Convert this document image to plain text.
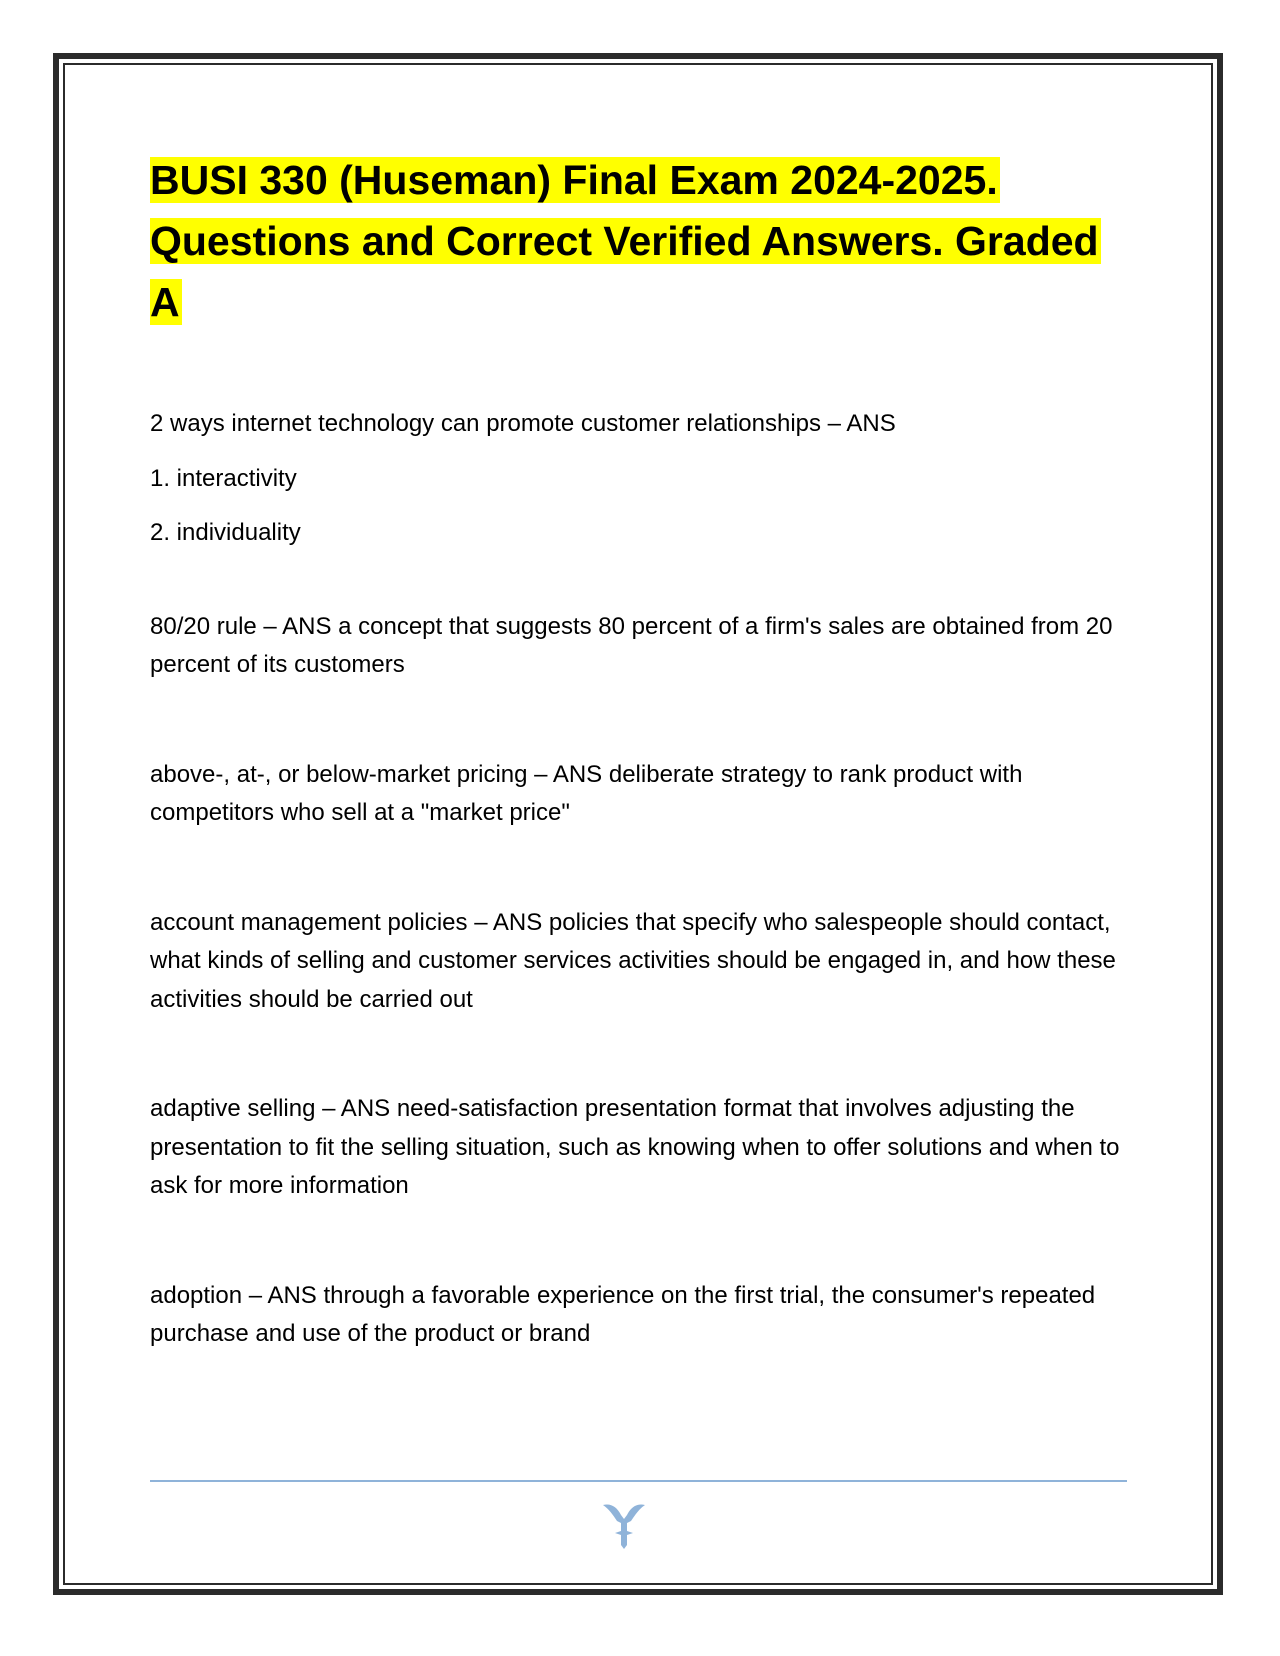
BUSI 330 (Huseman) Final Exam 2024-2025. Questions and Correct Verified Answers. Graded A

2 ways internet technology can promote customer relationships – ANS

1. interactivity

2. individuality

80/20 rule – ANS a concept that suggests 80 percent of a firm's sales are obtained from 20 percent of its customers

above-, at-, or below-market pricing – ANS deliberate strategy to rank product with competitors who sell at a "market price"

account management policies – ANS policies that specify who salespeople should contact, what kinds of selling and customer services activities should be engaged in, and how these activities should be carried out

adaptive selling – ANS need-satisfaction presentation format that involves adjusting the presentation to fit the selling situation, such as knowing when to offer solutions and when to ask for more information

adoption – ANS through a favorable experience on the first trial, the consumer's repeated purchase and use of the product or brand
